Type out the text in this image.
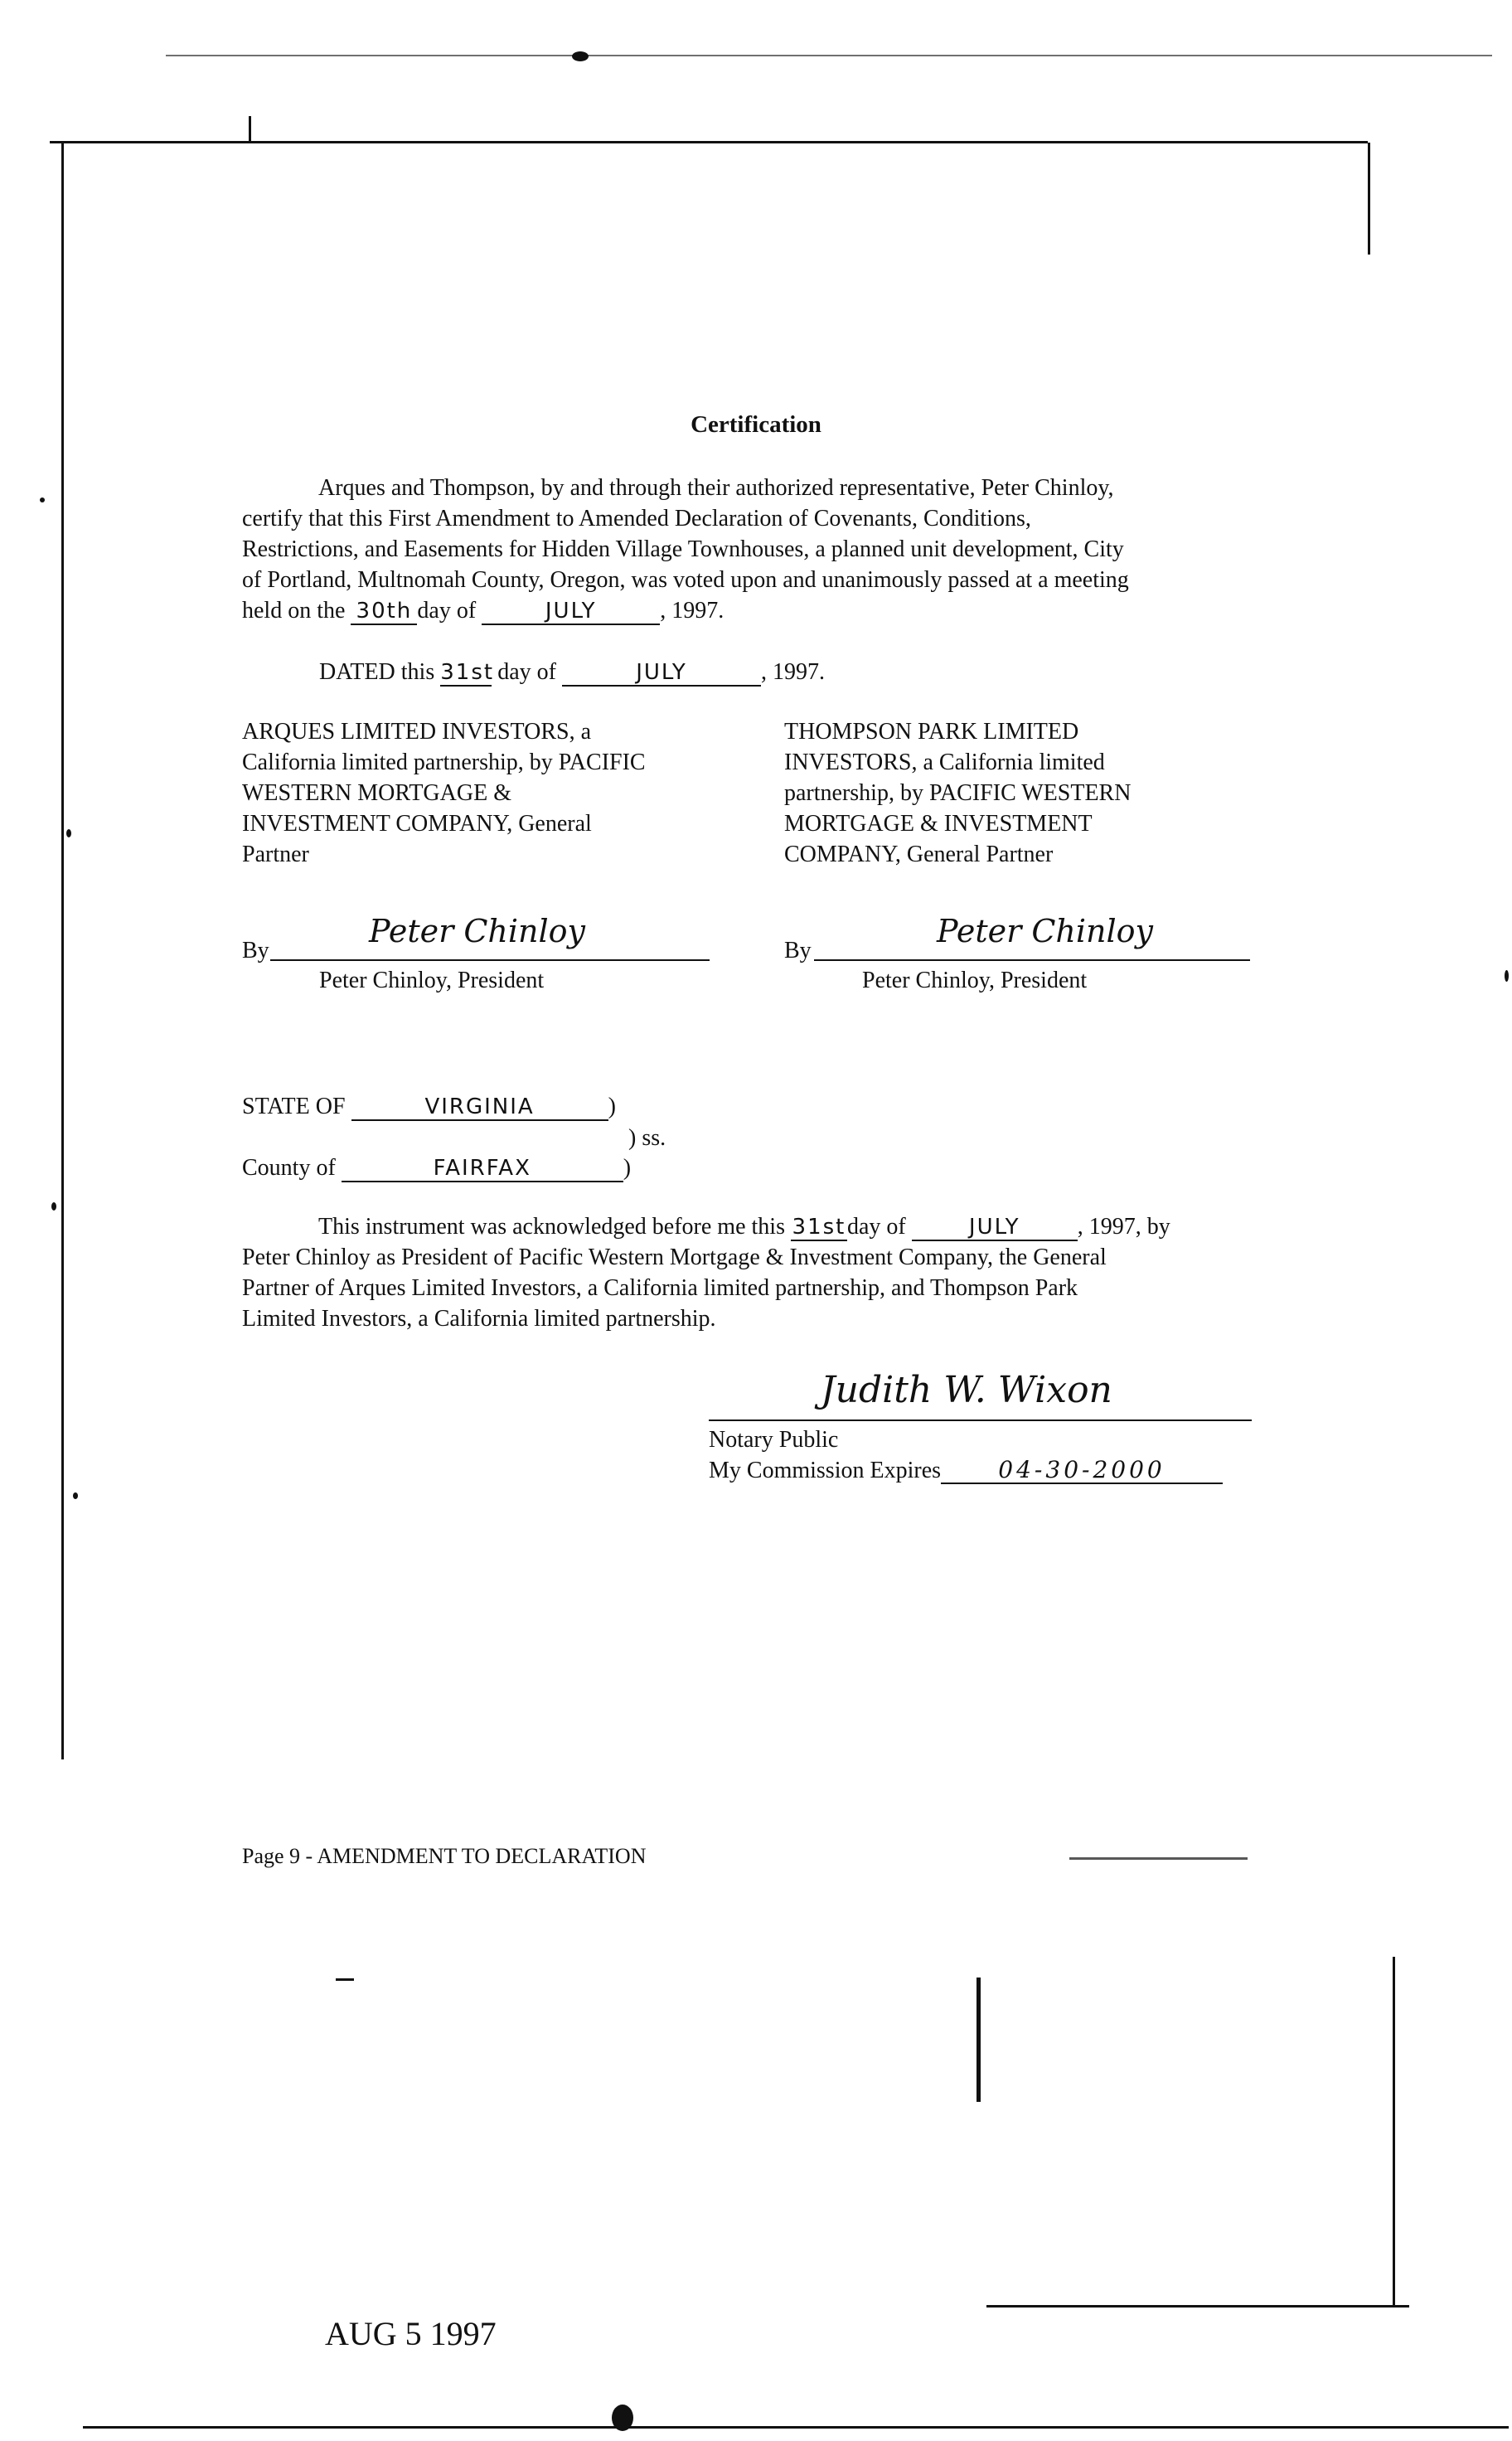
Certification
Arques and Thompson, by and through their authorized representative, Peter Chinloy,
certify that this First Amendment to Amended Declaration of Covenants, Conditions,
Restrictions, and Easements for Hidden Village Townhouses, a planned unit development, City
of Portland, Multnomah County, Oregon, was voted upon and unanimously passed at a meeting
held on the 30th day of	JULY	, 1997.
DATED this 31st day of	JULY	, 1997.
ARQUES LIMITED INVESTORS, a
California limited partnership, by PACIFIC
WESTERN MORTGAGE &
INVESTMENT COMPANY, General
Partner
THOMPSON PARK LIMITED
INVESTORS, a California limited
partnership, by PACIFIC WESTERN
MORTGAGE & INVESTMENT
COMPANY, General Partner
By
Peter Chinloy
Peter Chinloy, President
By
Peter Chinloy
Peter Chinloy, President
STATE OF	VIRGINIA	)
) ss.
County of	FAIRFAX	)
This instrument was acknowledged before me this 31stday of	JULY , 1997, by
Peter Chinloy as President of Pacific Western Mortgage & Investment Company, the General
Partner of Arques Limited Investors, a California limited partnership, and Thompson Park
Limited Investors, a California limited partnership.
Judith W. Wixon
Notary Public
My Commission Expires 04-30-2000
Page 9 - AMENDMENT TO DECLARATION
AUG 5 1997
